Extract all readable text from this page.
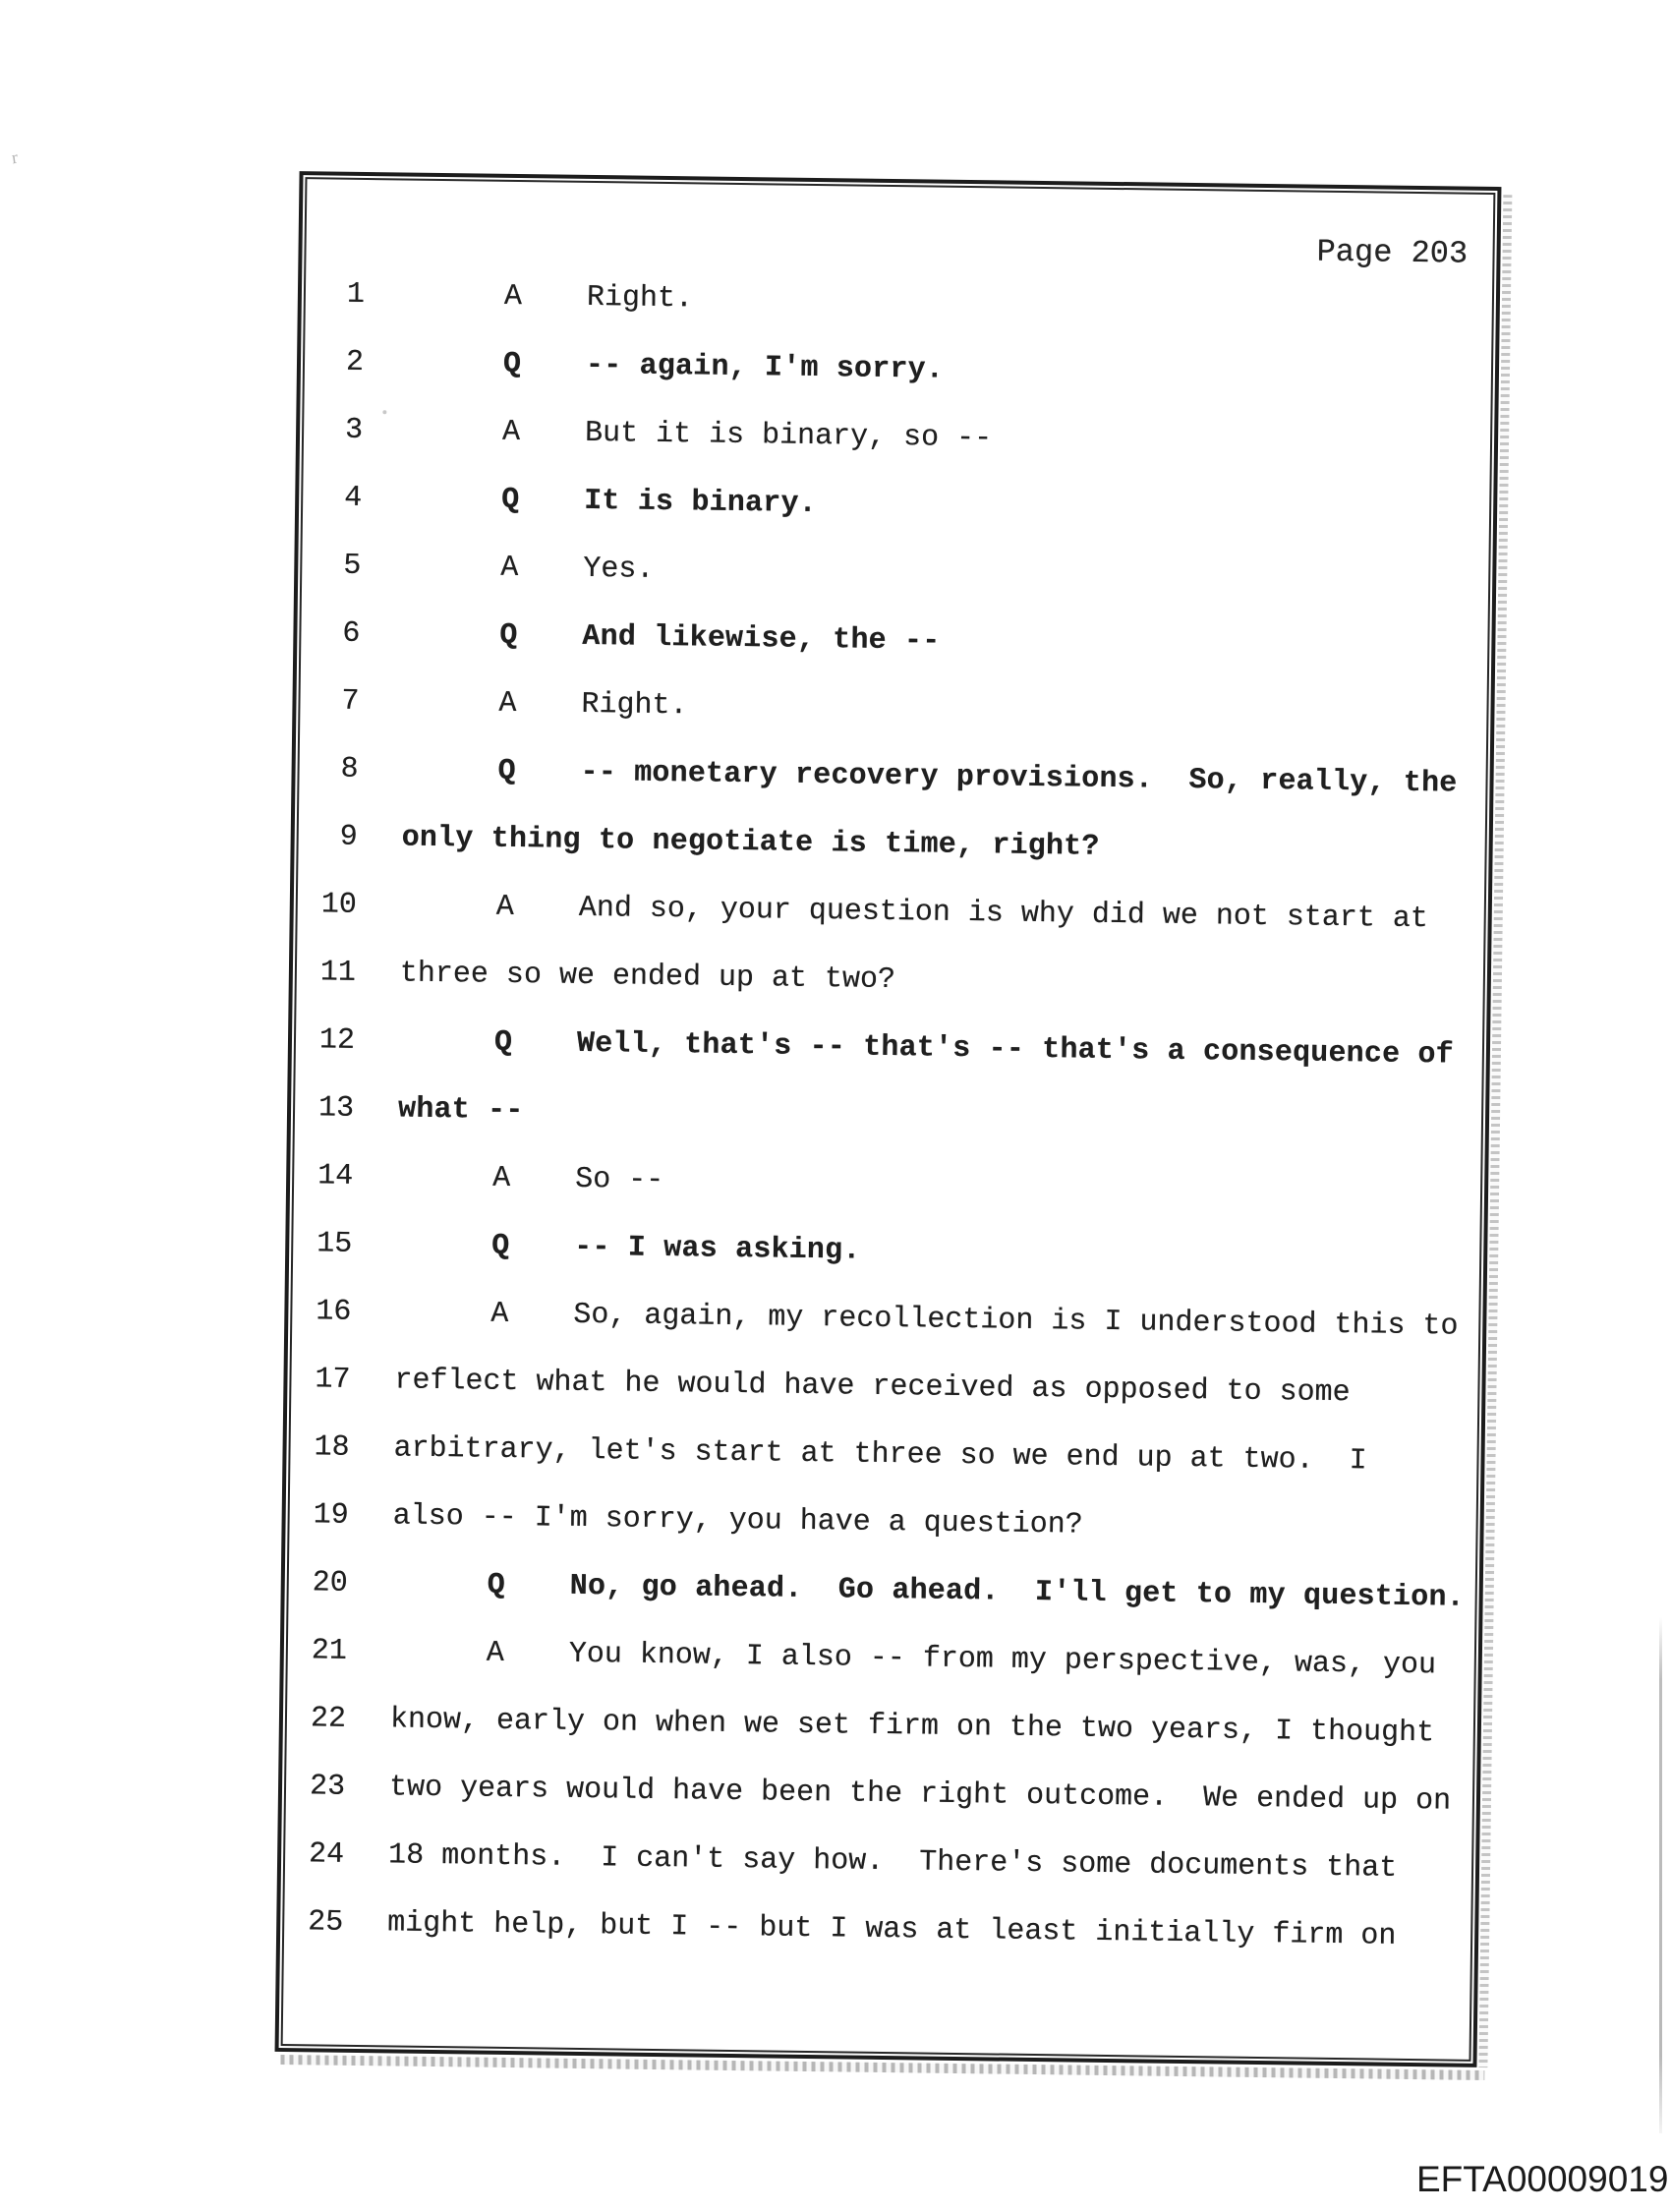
r
Page 203
1	A Right.
2	Q -- again, I'm sorry.
3	A But it is binary, so --
4	Q It is binary.
5	A Yes.
6	Q And likewise, the --
7	A Right.
8	Q -- monetary recovery provisions.  So, really, the
9 only thing to negotiate is time, right?
10	A And so, your question is why did we not start at
11 three so we ended up at two?
12	Q Well, that's -- that's -- that's a consequence of
13 what --
14	A So --
15	Q -- I was asking.
16	A So, again, my recollection is I understood this to
17 reflect what he would have received as opposed to some
18 arbitrary, let's start at three so we end up at two.  I
19 also -- I'm sorry, you have a question?
20	Q No, go ahead.  Go ahead.  I'll get to my question.
21	A You know, I also -- from my perspective, was, you
22 know, early on when we set firm on the two years, I thought
23 two years would have been the right outcome.  We ended up on
24 18 months.  I can't say how.  There's some documents that
25 might help, but I -- but I was at least initially firm on
EFTA00009019
